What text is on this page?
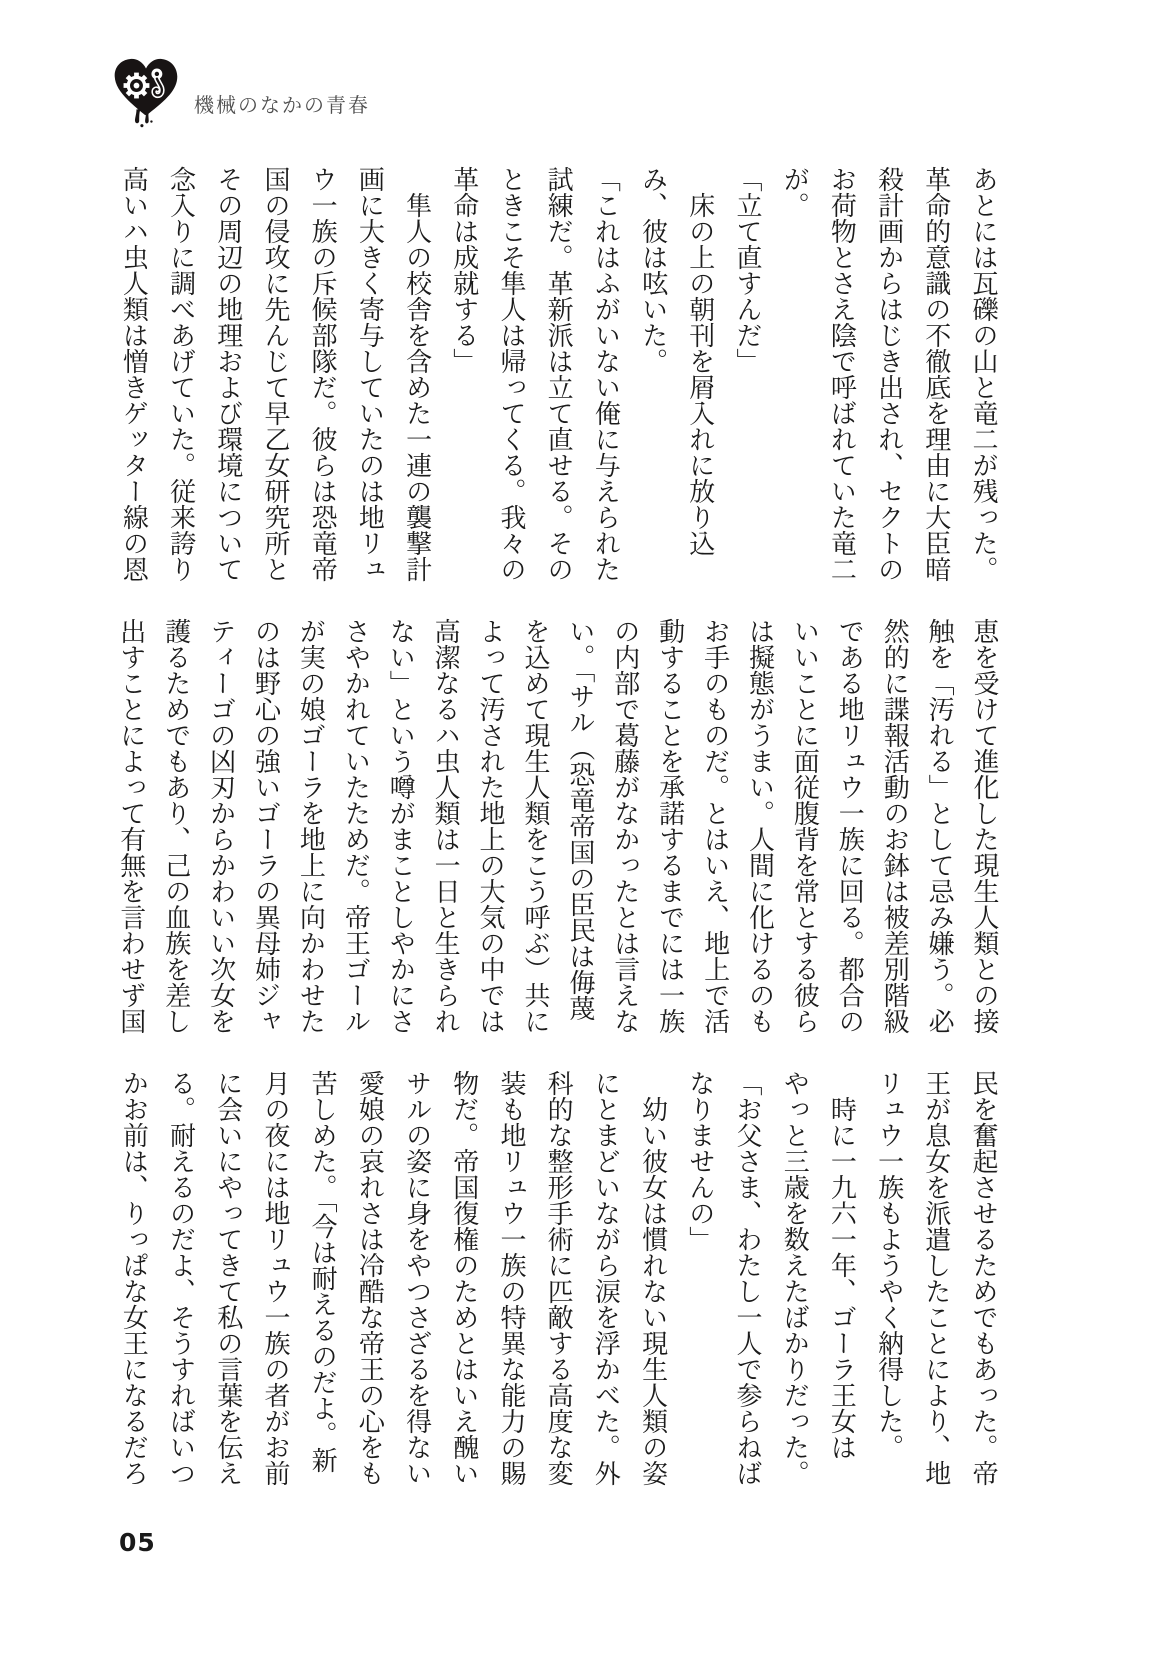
機械のなかの青春

あとには瓦礫の山と竜二が残った。革命的意識の不徹底を理由に大臣暗殺計画からはじき出され、セクトのお荷物とさえ陰で呼ばれていた竜二が。

「立て直すんだ」

床の上の朝刊を屑入れに放り込み、彼は呟いた。

「これはふがいない俺に与えられた試練だ。革新派は立て直せる。そのときこそ隼人は帰ってくる。我々の革命は成就する」

隼人の校舎を含めた一連の襲撃計画に大きく寄与していたのは地リュウ一族の斥候部隊だ。彼らは恐竜帝国の侵攻に先んじて早乙女研究所とその周辺の地理および環境について念入りに調べあげていた。従来誇り高いハ虫人類は憎きゲッター線の恩

恵を受けて進化した現生人類との接触を「汚れる」として忌み嫌う。必然的に諜報活動のお鉢は被差別階級である地リュウ一族に回る。都合のいいことに面従腹背を常とする彼らは擬態がうまい。人間に化けるのもお手のものだ。とはいえ、地上で活動することを承諾するまでには一族の内部で葛藤がなかったとは言えない。「サル（恐竜帝国の臣民は侮蔑を込めて現生人類をこう呼ぶ）共によって汚された地上の大気の中では高潔なるハ虫人類は一日と生きられない」という噂がまことしやかにささやかれていたためだ。帝王ゴールが実の娘ゴーラを地上に向かわせたのは野心の強いゴーラの異母姉ジャティーゴの凶刃からかわいい次女を護るためでもあり、己の血族を差し出すことによって有無を言わせず国

民を奮起させるためでもあった。帝王が息女を派遣したことにより、地リュウ一族もようやく納得した。

時に一九六一年、ゴーラ王女はやっと三歳を数えたばかりだった。

「お父さま、わたし一人で参らねばなりませんの」

幼い彼女は慣れない現生人類の姿にとまどいながら涙を浮かべた。外科的な整形手術に匹敵する高度な変装も地リュウ一族の特異な能力の賜物だ。帝国復権のためとはいえ醜いサルの姿に身をやつさざるを得ない愛娘の哀れさは冷酷な帝王の心をも苦しめた。「今は耐えるのだよ。新月の夜には地リュウ一族の者がお前に会いにやってきて私の言葉を伝える。耐えるのだよ、そうすればいつかお前は、りっぱな女王になるだろ

05
